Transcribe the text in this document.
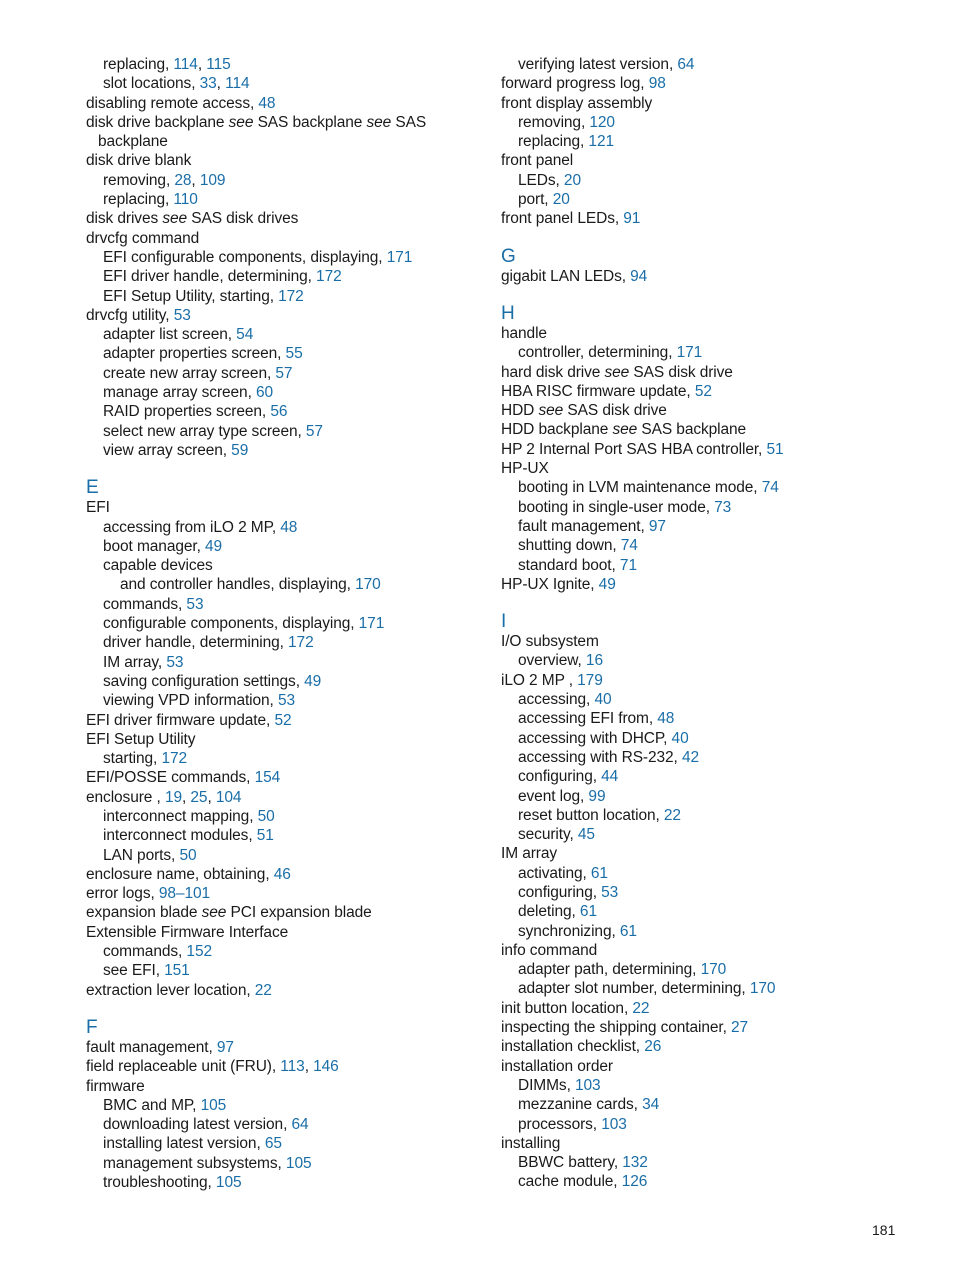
replacing, 114, 115
slot locations, 33, 114
disabling remote access, 48
disk drive backplane see SAS backplane see SAS
backplane
disk drive blank
removing, 28, 109
replacing, 110
disk drives see SAS disk drives
drvcfg command
EFI configurable components, displaying, 171
EFI driver handle, determining, 172
EFI Setup Utility, starting, 172
drvcfg utility, 53
adapter list screen, 54
adapter properties screen, 55
create new array screen, 57
manage array screen, 60
RAID properties screen, 56
select new array type screen, 57
view array screen, 59
E
EFI
accessing from iLO 2 MP, 48
boot manager, 49
capable devices
and controller handles, displaying, 170
commands, 53
configurable components, displaying, 171
driver handle, determining, 172
IM array, 53
saving configuration settings, 49
viewing VPD information, 53
EFI driver firmware update, 52
EFI Setup Utility
starting, 172
EFI/POSSE commands, 154
enclosure , 19, 25, 104
interconnect mapping, 50
interconnect modules, 51
LAN ports, 50
enclosure name, obtaining, 46
error logs, 98–101
expansion blade see PCI expansion blade
Extensible Firmware Interface
commands, 152
see EFI, 151
extraction lever location, 22
F
fault management, 97
field replaceable unit (FRU), 113, 146
firmware
BMC and MP, 105
downloading latest version, 64
installing latest version, 65
management subsystems, 105
troubleshooting, 105
verifying latest version, 64
forward progress log, 98
front display assembly
removing, 120
replacing, 121
front panel
LEDs, 20
port, 20
front panel LEDs, 91
G
gigabit LAN LEDs, 94
H
handle
controller, determining, 171
hard disk drive see SAS disk drive
HBA RISC firmware update, 52
HDD see SAS disk drive
HDD backplane see SAS backplane
HP 2 Internal Port SAS HBA controller, 51
HP-UX
booting in LVM maintenance mode, 74
booting in single-user mode, 73
fault management, 97
shutting down, 74
standard boot, 71
HP-UX Ignite, 49
I
I/O subsystem
overview, 16
iLO 2 MP , 179
accessing, 40
accessing EFI from, 48
accessing with DHCP, 40
accessing with RS-232, 42
configuring, 44
event log, 99
reset button location, 22
security, 45
IM array
activating, 61
configuring, 53
deleting, 61
synchronizing, 61
info command
adapter path, determining, 170
adapter slot number, determining, 170
init button location, 22
inspecting the shipping container, 27
installation checklist, 26
installation order
DIMMs, 103
mezzanine cards, 34
processors, 103
installing
BBWC battery, 132
cache module, 126
181
